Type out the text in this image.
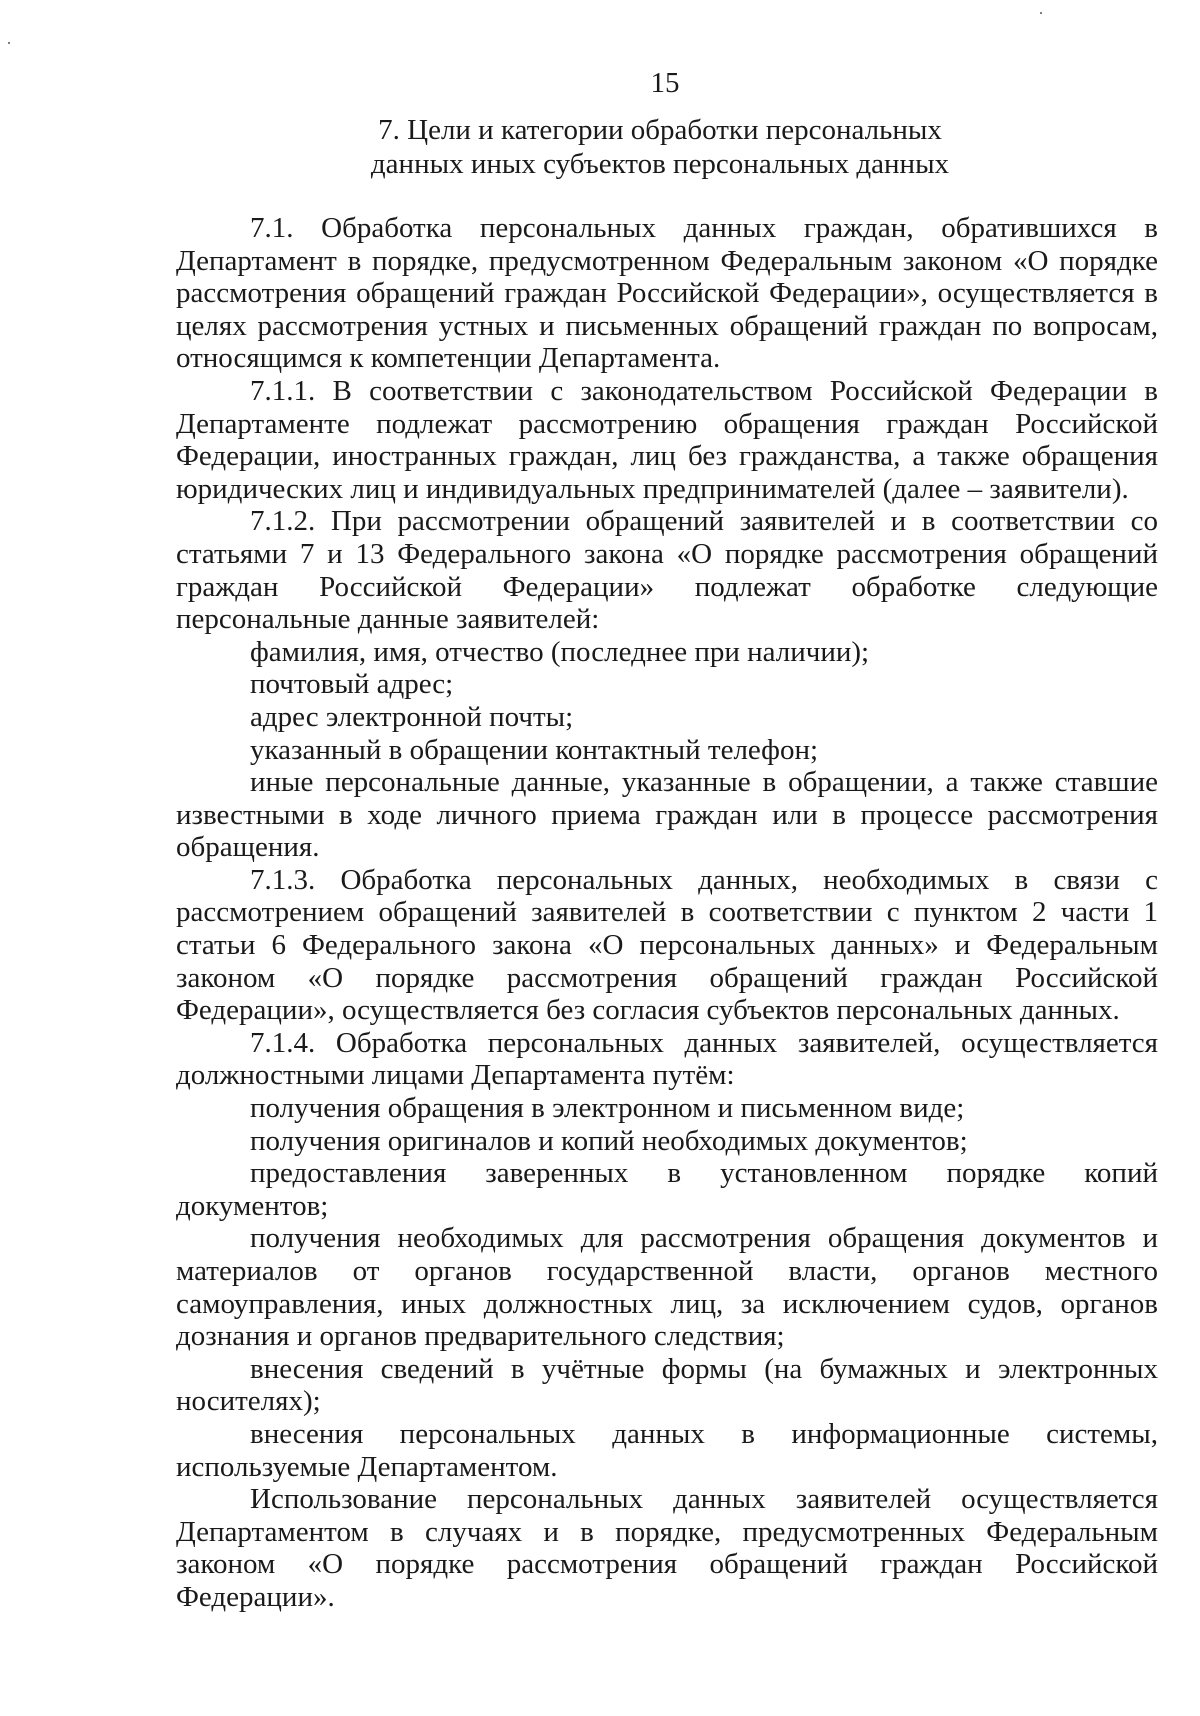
15
7. Цели и категории обработки персональных
данных иных субъектов персональных данных

7.1. Обработка персональных данных граждан, обратившихся в Департамент в порядке, предусмотренном Федеральным законом «О порядке рассмотрения обращений граждан Российской Федерации», осуществляется в целях рассмотрения устных и письменных обращений граждан по вопросам, относящимся к компетенции Департамента.

7.1.1. В соответствии с законодательством Российской Федерации в Департаменте подлежат рассмотрению обращения граждан Российской Федерации, иностранных граждан, лиц без гражданства, а также обращения юридических лиц и индивидуальных предпринимателей (далее – заявители).

7.1.2. При рассмотрении обращений заявителей и в соответствии со статьями 7 и 13 Федерального закона «О порядке рассмотрения обращений граждан Российской Федерации» подлежат обработке следующие персональные данные заявителей:

фамилия, имя, отчество (последнее при наличии);

почтовый адрес;

адрес электронной почты;

указанный в обращении контактный телефон;

иные персональные данные, указанные в обращении, а также ставшие известными в ходе личного приема граждан или в процессе рассмотрения обращения.

7.1.3. Обработка персональных данных, необходимых в связи с рассмотрением обращений заявителей в соответствии с пунктом 2 части 1 статьи 6 Федерального закона «О персональных данных» и Федеральным законом «О порядке рассмотрения обращений граждан Российской Федерации», осуществляется без согласия субъектов персональных данных.

7.1.4. Обработка персональных данных заявителей, осуществляется должностными лицами Департамента путём:

получения обращения в электронном и письменном виде;

получения оригиналов и копий необходимых документов;

предоставления заверенных в установленном порядке копий документов;

получения необходимых для рассмотрения обращения документов и материалов от органов государственной власти, органов местного самоуправления, иных должностных лиц, за исключением судов, органов дознания и органов предварительного следствия;

внесения сведений в учётные формы (на бумажных и электронных носителях);

внесения персональных данных в информационные системы, используемые Департаментом.

Использование персональных данных заявителей осуществляется Департаментом в случаях и в порядке, предусмотренных Федеральным законом «О порядке рассмотрения обращений граждан Российской Федерации».
